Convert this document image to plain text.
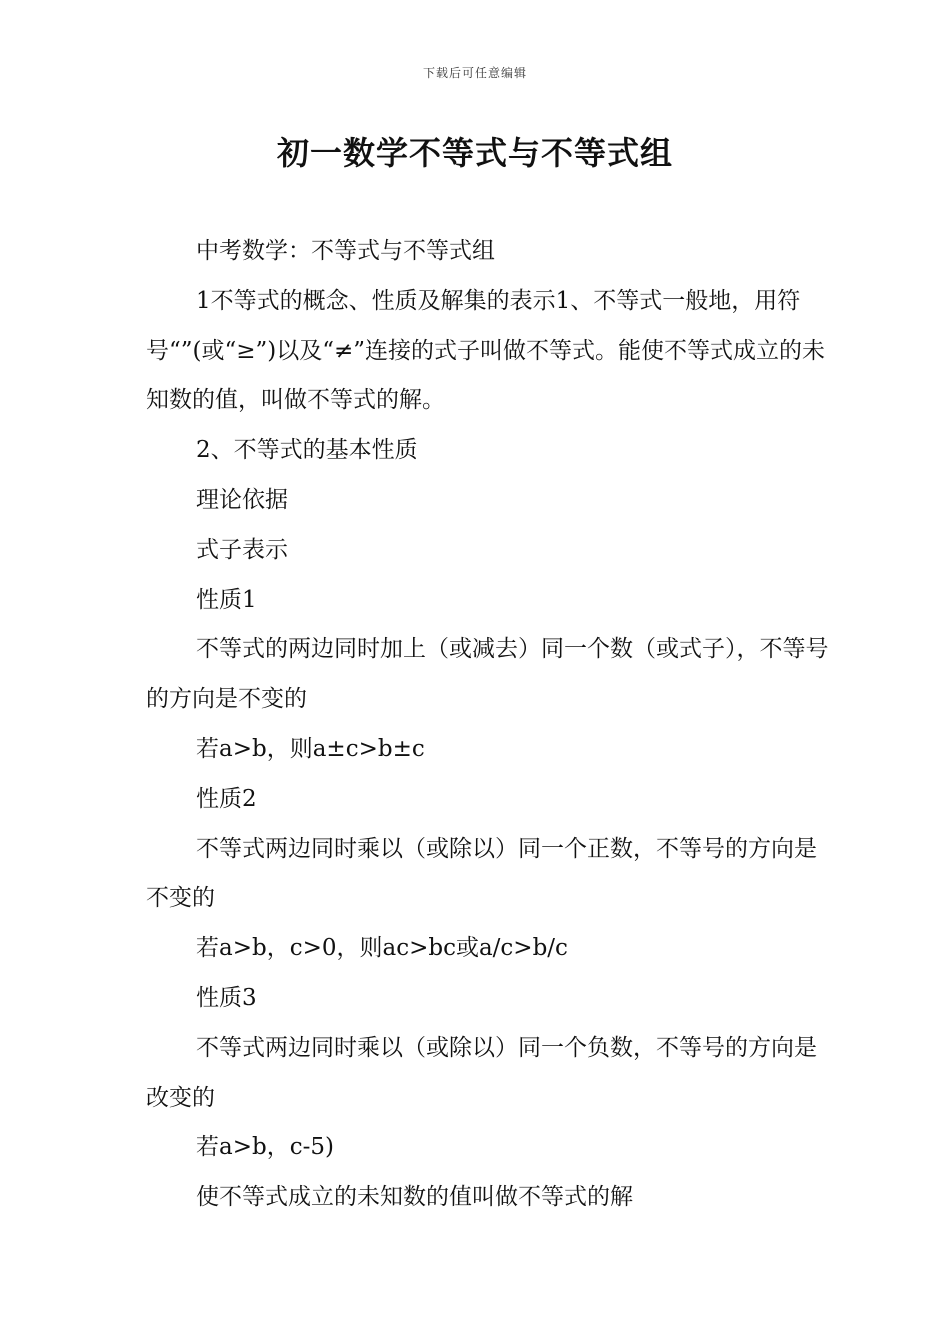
下载后可任意编辑
初一数学不等式与不等式组

中考数学：不等式与不等式组

1不等式的概念、性质及解集的表示1、不等式一般地，用符号“”(或“≥”)以及“≠”连接的式子叫做不等式。能使不等式成立的未知数的值，叫做不等式的解。

2、不等式的基本性质

理论依据

式子表示

性质1

不等式的两边同时加上（或减去）同一个数（或式子），不等号的方向是不变的

若a>b，则a±c>b±c

性质2

不等式两边同时乘以（或除以）同一个正数，不等号的方向是不变的

若a>b，c>0，则ac>bc或a/c>b/c

性质3

不等式两边同时乘以（或除以）同一个负数，不等号的方向是改变的

若a>b，c-5)

使不等式成立的未知数的值叫做不等式的解
